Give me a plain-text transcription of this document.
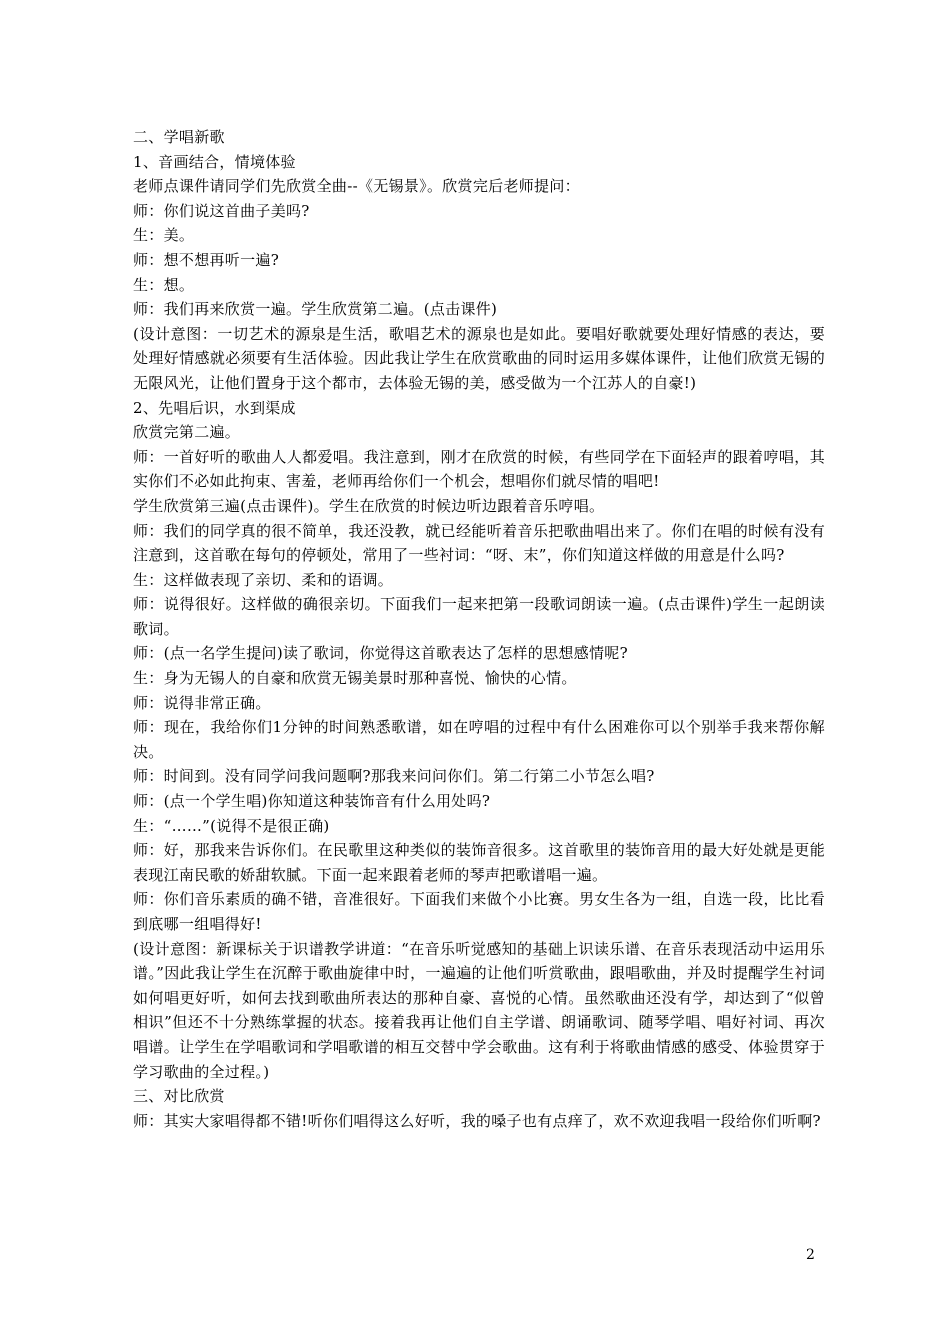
二、学唱新歌

1、音画结合，情境体验

老师点课件请同学们先欣赏全曲--《无锡景》。欣赏完后老师提问：

师：你们说这首曲子美吗?

生：美。

师：想不想再听一遍?

生：想。

师：我们再来欣赏一遍。学生欣赏第二遍。(点击课件)

(设计意图：一切艺术的源泉是生活，歌唱艺术的源泉也是如此。要唱好歌就要处理好情感的表达，要处理好情感就必须要有生活体验。因此我让学生在欣赏歌曲的同时运用多媒体课件，让他们欣赏无锡的无限风光，让他们置身于这个都市，去体验无锡的美，感受做为一个江苏人的自豪!)

2、先唱后识，水到渠成

欣赏完第二遍。

师：一首好听的歌曲人人都爱唱。我注意到，刚才在欣赏的时候，有些同学在下面轻声的跟着哼唱，其实你们不必如此拘束、害羞，老师再给你们一个机会，想唱你们就尽情的唱吧!

学生欣赏第三遍(点击课件)。学生在欣赏的时候边听边跟着音乐哼唱。

师：我们的同学真的很不简单，我还没教，就已经能听着音乐把歌曲唱出来了。你们在唱的时候有没有注意到，这首歌在每句的停顿处，常用了一些衬词：“呀、末”，你们知道这样做的用意是什么吗?

生：这样做表现了亲切、柔和的语调。

师：说得很好。这样做的确很亲切。下面我们一起来把第一段歌词朗读一遍。(点击课件)学生一起朗读歌词。

师：(点一名学生提问)读了歌词，你觉得这首歌表达了怎样的思想感情呢?

生：身为无锡人的自豪和欣赏无锡美景时那种喜悦、愉快的心情。

师：说得非常正确。

师：现在，我给你们1分钟的时间熟悉歌谱，如在哼唱的过程中有什么困难你可以个别举手我来帮你解决。

师：时间到。没有同学问我问题啊?那我来问问你们。第二行第二小节怎么唱?

师：(点一个学生唱)你知道这种装饰音有什么用处吗?

生：“……”(说得不是很正确)

师：好，那我来告诉你们。在民歌里这种类似的装饰音很多。这首歌里的装饰音用的最大好处就是更能表现江南民歌的娇甜软腻。下面一起来跟着老师的琴声把歌谱唱一遍。

师：你们音乐素质的确不错，音准很好。下面我们来做个小比赛。男女生各为一组，自选一段，比比看到底哪一组唱得好!

(设计意图：新课标关于识谱教学讲道：“在音乐听觉感知的基础上识读乐谱、在音乐表现活动中运用乐谱。”因此我让学生在沉醉于歌曲旋律中时，一遍遍的让他们听赏歌曲，跟唱歌曲，并及时提醒学生衬词如何唱更好听，如何去找到歌曲所表达的那种自豪、喜悦的心情。虽然歌曲还没有学，却达到了“似曾相识”但还不十分熟练掌握的状态。接着我再让他们自主学谱、朗诵歌词、随琴学唱、唱好衬词、再次唱谱。让学生在学唱歌词和学唱歌谱的相互交替中学会歌曲。这有利于将歌曲情感的感受、体验贯穿于学习歌曲的全过程。)

三、对比欣赏

师：其实大家唱得都不错!听你们唱得这么好听，我的嗓子也有点痒了，欢不欢迎我唱一段给你们听啊?

2
